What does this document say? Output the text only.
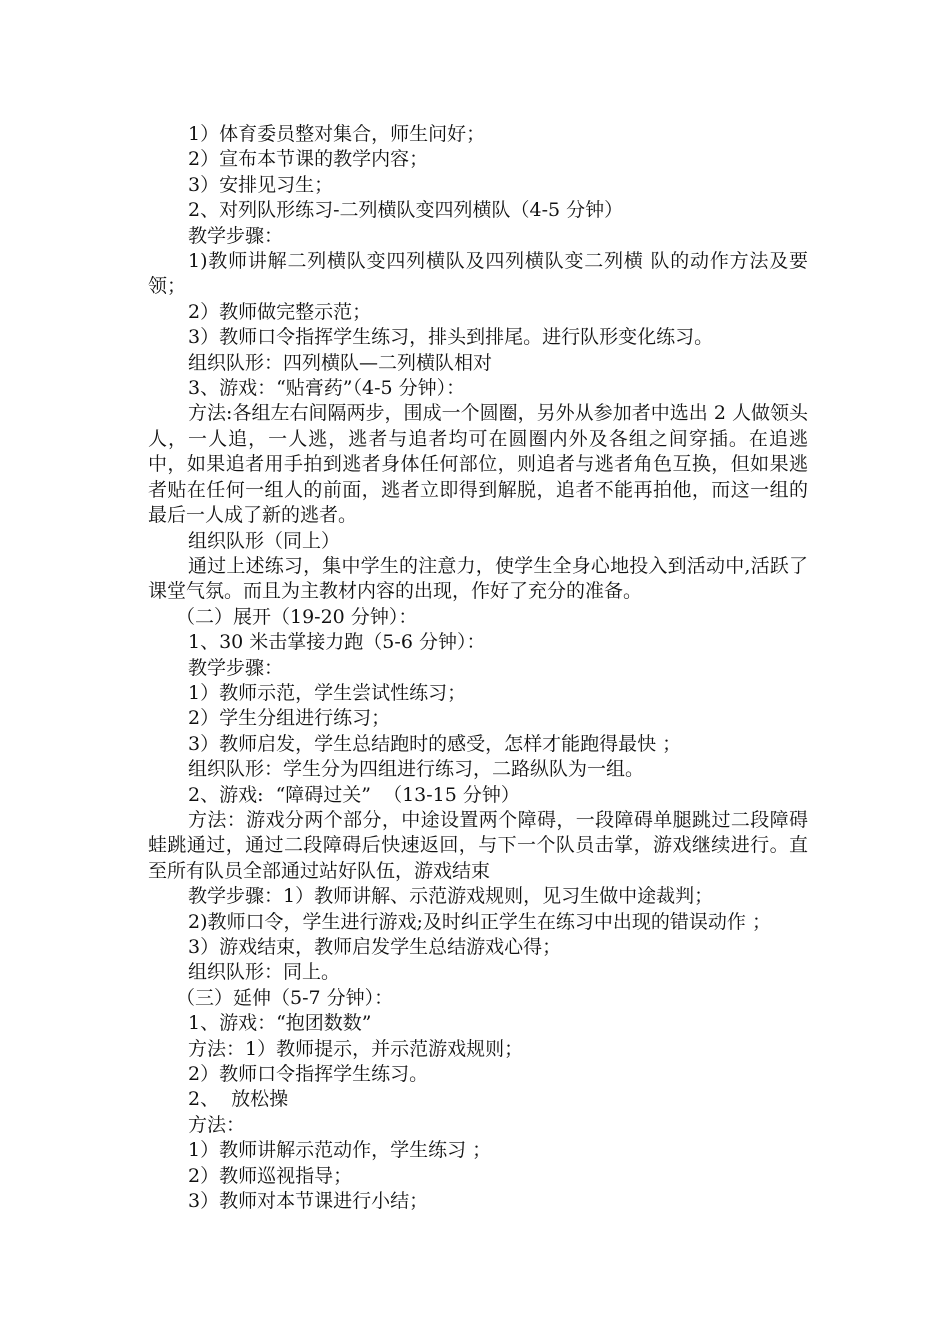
1）体育委员整对集合，师生问好；

2）宣布本节课的教学内容；

3）安排见习生；

2、对列队形练习-二列横队变四列横队（4-5 分钟）

教学步骤：

1)教师讲解二列横队变四列横队及四列横队变二列横 队的动作方法及要领；

2）教师做完整示范；

3）教师口令指挥学生练习，排头到排尾。进行队形变化练习。

组织队形：四列横队—二列横队相对

3、游戏：“贴膏药”（4-5 分钟）：

方法:各组左右间隔两步，围成一个圆圈，另外从参加者中选出 2 人做领头人，一人追，一人逃，逃者与追者均可在圆圈内外及各组之间穿插。在追逃中，如果追者用手拍到逃者身体任何部位，则追者与逃者角色互换，但如果逃者贴在任何一组人的前面，逃者立即得到解脱，追者不能再拍他，而这一组的最后一人成了新的逃者。

组织队形（同上）

通过上述练习，集中学生的注意力，使学生全身心地投入到活动中,活跃了课堂气氛。而且为主教材内容的出现，作好了充分的准备。

（二）展开（19-20 分钟）：

1、30 米击掌接力跑（5-6 分钟）：

教学步骤：

1）教师示范，学生尝试性练习；

2）学生分组进行练习；

3）教师启发，学生总结跑时的感受，怎样才能跑得最快 ；

组织队形：学生分为四组进行练习，二路纵队为一组。

2、游戏:  “障碍过关”  （13-15 分钟）

方法：游戏分两个部分，中途设置两个障碍，一段障碍单腿跳过二段障碍蛙跳通过，通过二段障碍后快速返回，与下一个队员击掌，游戏继续进行。直至所有队员全部通过站好队伍，游戏结束

教学步骤：1）教师讲解、示范游戏规则，见习生做中途裁判；

2)教师口令，学生进行游戏;及时纠正学生在练习中出现的错误动作 ；

3）游戏结束，教师启发学生总结游戏心得；

组织队形：同上。

（三）延伸（5-7 分钟）：

1、游戏：“抱团数数”

方法：1）教师提示，并示范游戏规则；

2）教师口令指挥学生练习。

2、  放松操

方法：

1）教师讲解示范动作，学生练习 ；

2）教师巡视指导；

3）教师对本节课进行小结；
